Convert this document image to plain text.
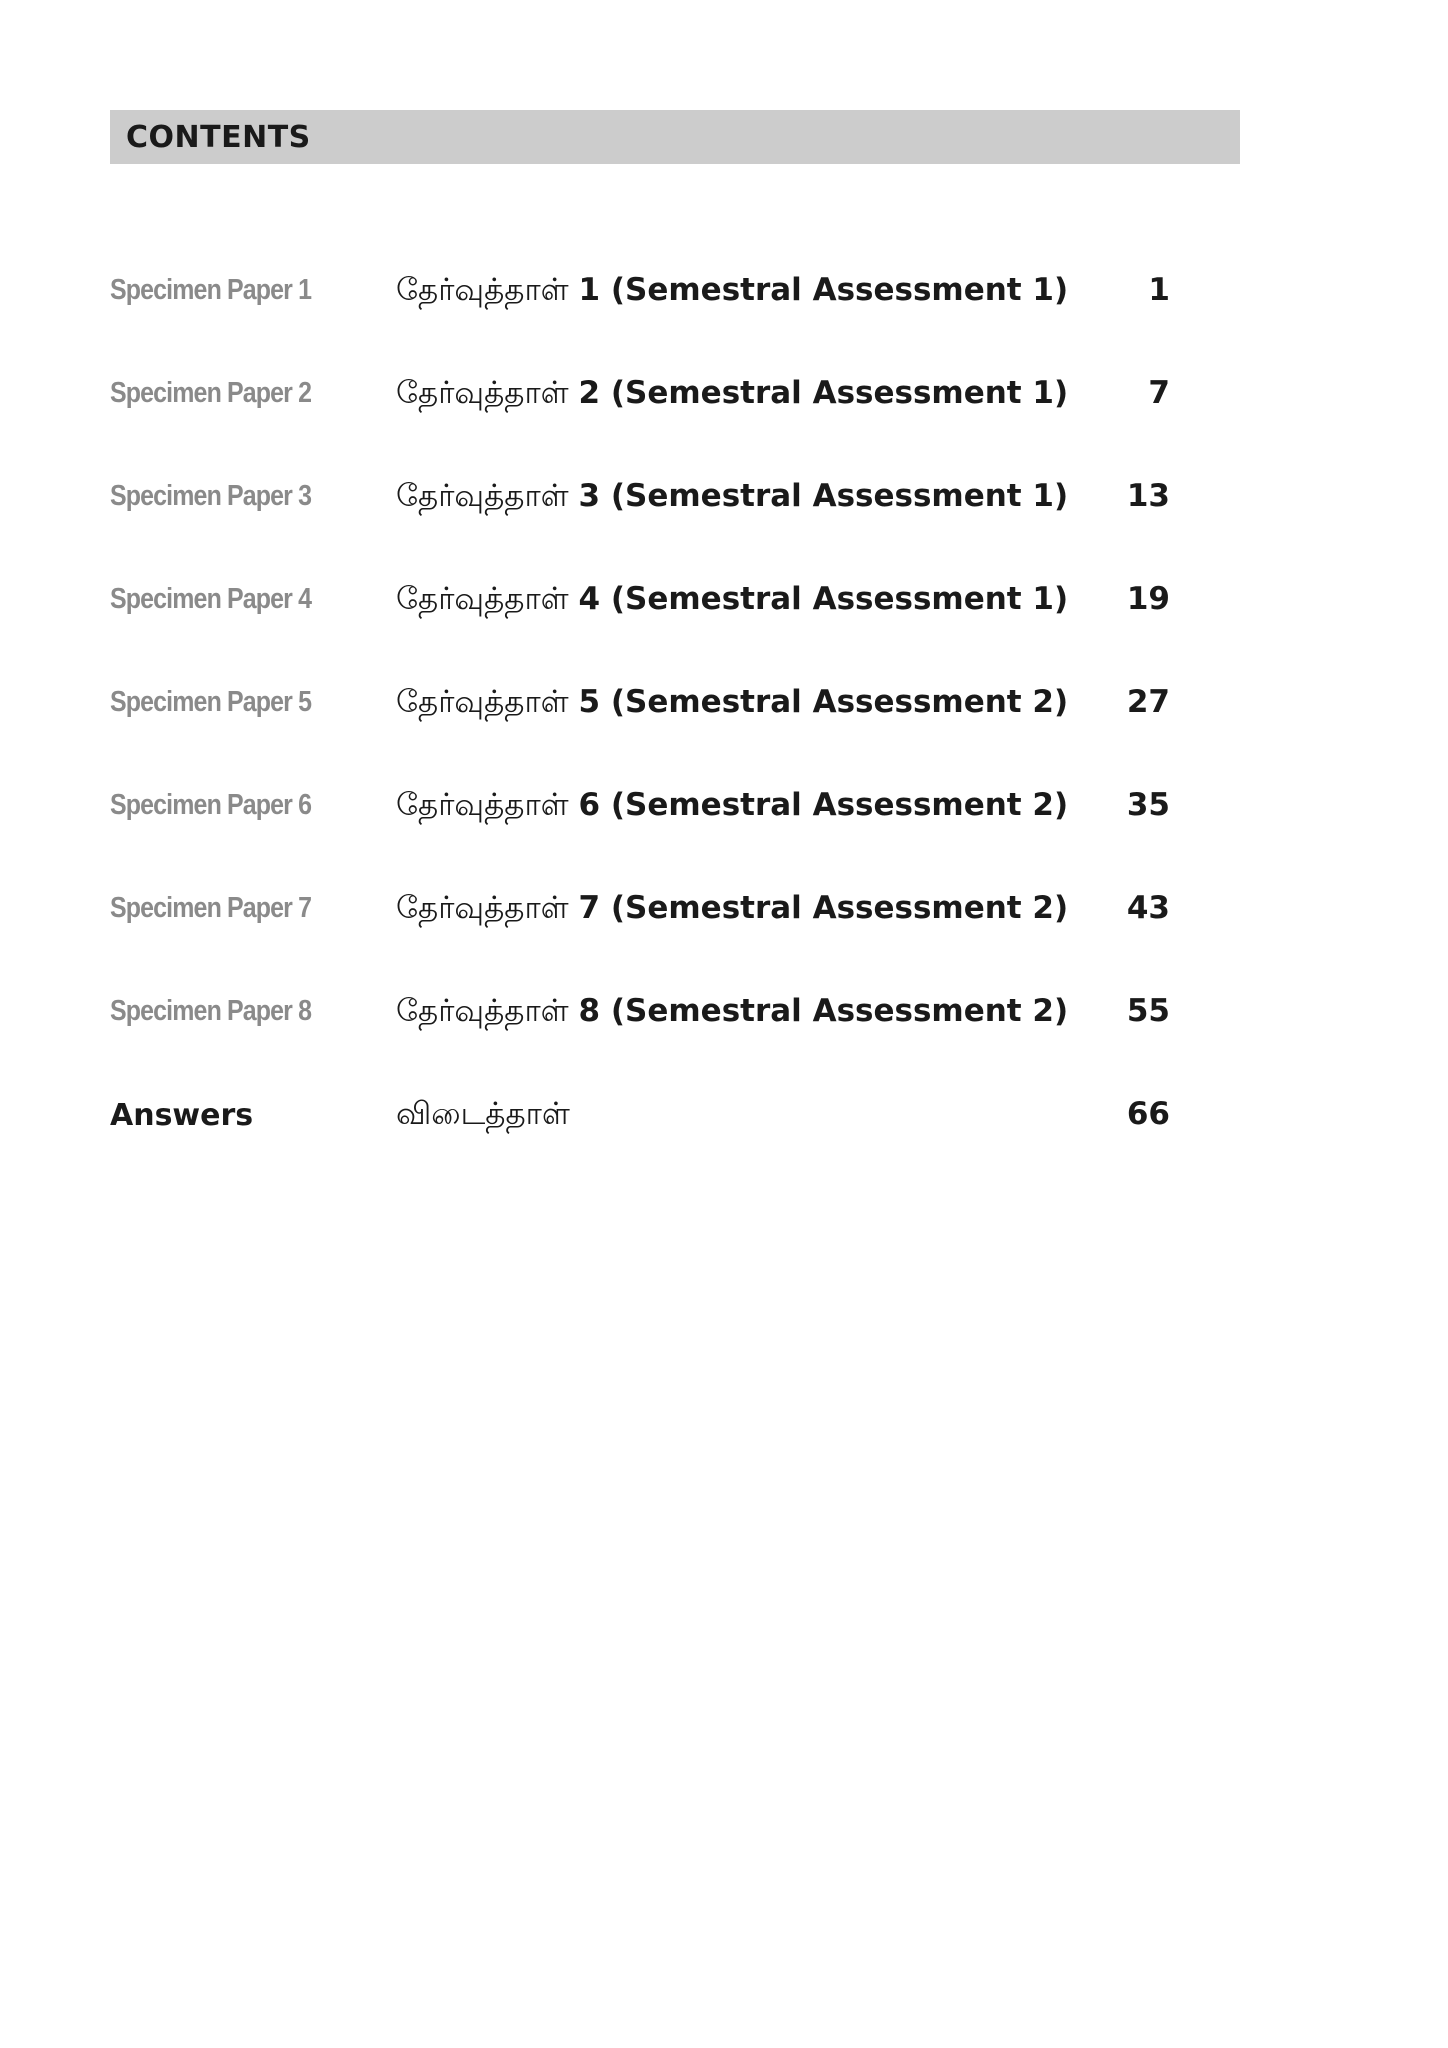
CONTENTS
Specimen Paper 1	தேர்வுத்தாள் 1 (Semestral Assessment 1)	1
Specimen Paper 2	தேர்வுத்தாள் 2 (Semestral Assessment 1)	7
Specimen Paper 3	தேர்வுத்தாள் 3 (Semestral Assessment 1)	13
Specimen Paper 4	தேர்வுத்தாள் 4 (Semestral Assessment 1)	19
Specimen Paper 5	தேர்வுத்தாள் 5 (Semestral Assessment 2)	27
Specimen Paper 6	தேர்வுத்தாள் 6 (Semestral Assessment 2)	35
Specimen Paper 7	தேர்வுத்தாள் 7 (Semestral Assessment 2)	43
Specimen Paper 8	தேர்வுத்தாள் 8 (Semestral Assessment 2)	55
Answers	விடைத்தாள்	66
